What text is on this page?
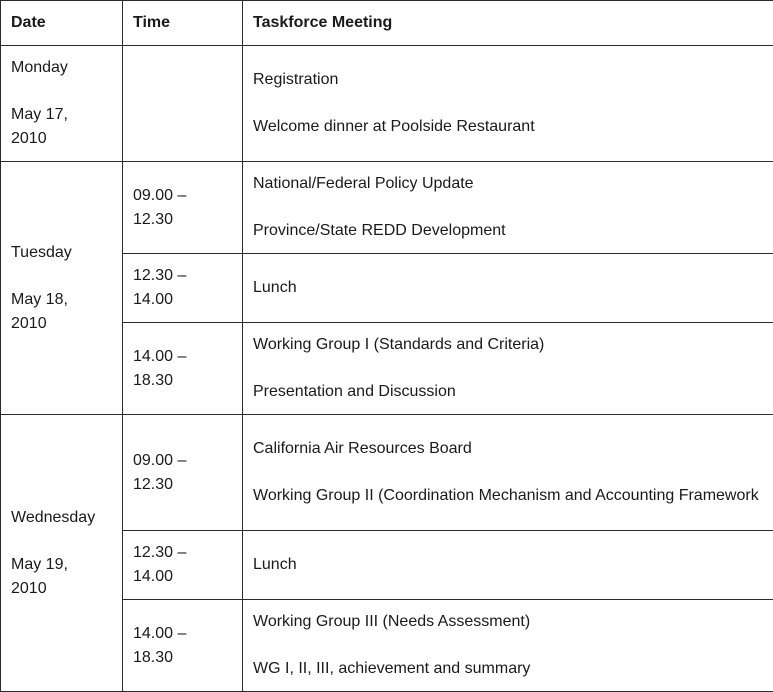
Date	Time	Taskforce Meeting

Monday
May 17,
2010		Registration
Welcome dinner at Poolside Restaurant

Tuesday
May 18,
2010	09.00 –
12.30	National/Federal Policy Update
Province/State REDD Development

	12.30 –
14.00	Lunch

	14.00 –
18.30	Working Group I (Standards and Criteria)
Presentation and Discussion

Wednesday
May 19,
2010	09.00 –
12.30	California Air Resources Board
Working Group II (Coordination Mechanism and Accounting Framework

	12.30 –
14.00	Lunch

	14.00 –
18.30	Working Group III (Needs Assessment)
WG I, II, III, achievement and summary
